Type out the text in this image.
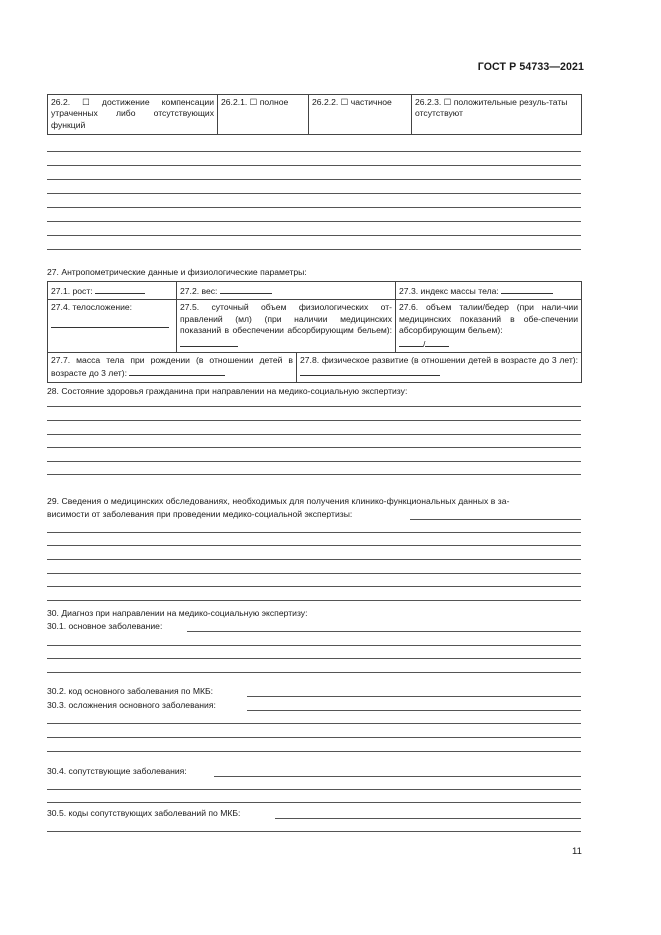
ГОСТ Р 54733—2021
26.2. ☐ достижение компенсации утраченных либо отсутствующих функций	26.2.1. ☐ полное	26.2.2. ☐ частичное	26.2.3. ☐ положительные резуль-таты отсутствуют
27. Антропометрические данные и физиологические параметры:
27.1. рост:	27.2. вес:		27.3. индекс массы тела:
27.4. телосложение:	27.5. суточный объем физиологических от-правлений (мл) (при наличии медицинских показаний в обеспечении абсорбирующим бельем):		27.6. объем талии/бедер (при нали-чии медицинских показаний в обе-спечении абсорбирующим бельем):
/
27.7. масса тела при рождении (в отношении детей в возрасте до 3 лет):		27.8. физическое развитие (в отношении детей в возрасте до 3 лет):	
28. Состояние здоровья гражданина при направлении на медико-социальную экспертизу:
29. Сведения о медицинских обследованиях, необходимых для получения клинико-функциональных данных в за-
висимости от заболевания при проведении медико-социальной экспертизы:
30. Диагноз при направлении на медико-социальную экспертизу:
30.1. основное заболевание:
30.2. код основного заболевания по МКБ:
30.3. осложнения основного заболевания:
30.4. сопутствующие заболевания:
30.5. коды сопутствующих заболеваний по МКБ:
11
